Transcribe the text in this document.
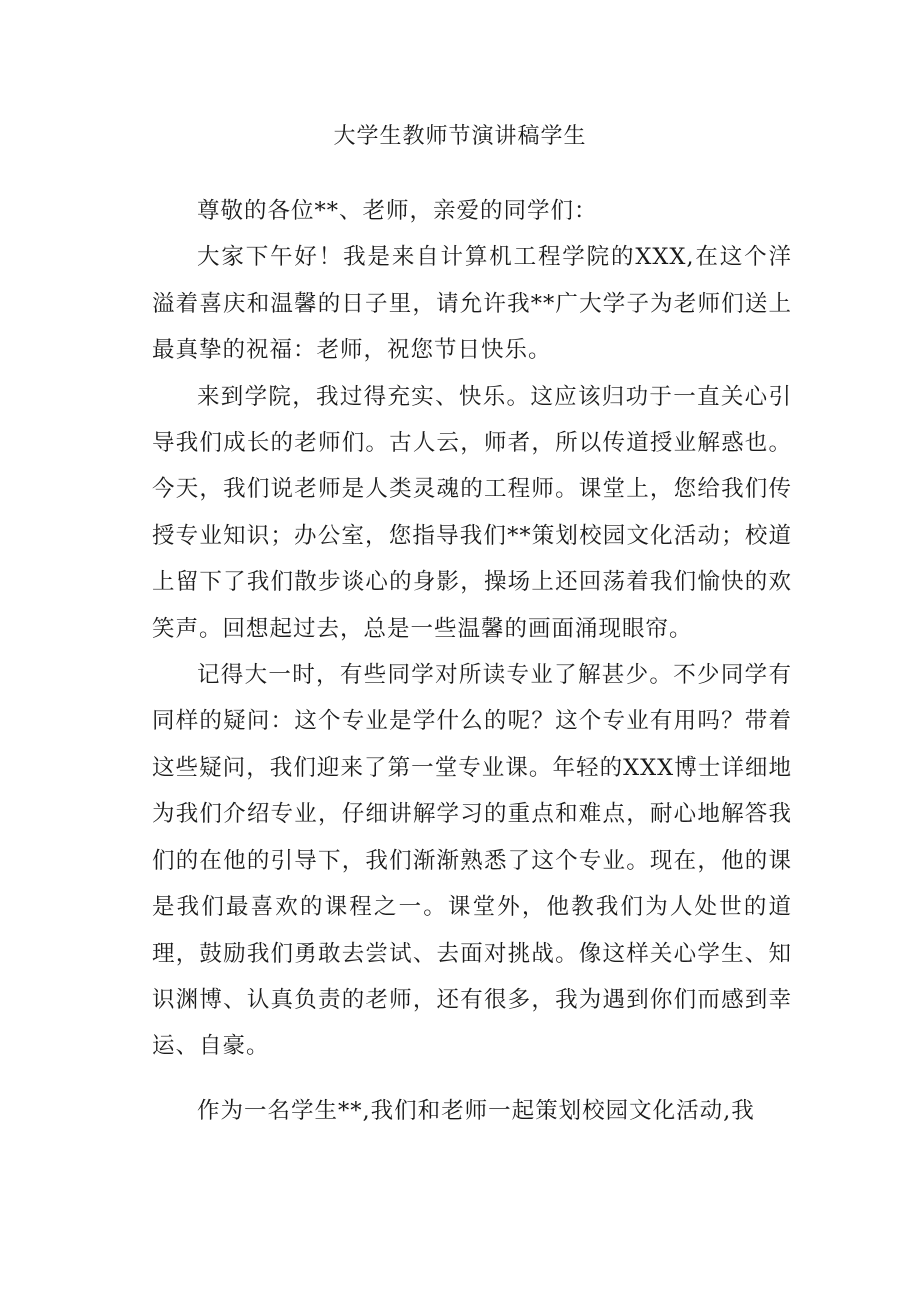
大学生教师节演讲稿学生

尊敬的各位**、老师，亲爱的同学们：

大家下午好！我是来自计算机工程学院的XXX,在这个洋溢着喜庆和温馨的日子里，请允许我**广大学子为老师们送上最真挚的祝福：老师，祝您节日快乐。

来到学院，我过得充实、快乐。这应该归功于一直关心引导我们成长的老师们。古人云，师者，所以传道授业解惑也。今天，我们说老师是人类灵魂的工程师。课堂上，您给我们传授专业知识；办公室，您指导我们**策划校园文化活动；校道上留下了我们散步谈心的身影，操场上还回荡着我们愉快的欢笑声。回想起过去，总是一些温馨的画面涌现眼帘。

记得大一时，有些同学对所读专业了解甚少。不少同学有同样的疑问：这个专业是学什么的呢？这个专业有用吗？带着这些疑问，我们迎来了第一堂专业课。年轻的XXX博士详细地为我们介绍专业，仔细讲解学习的重点和难点，耐心地解答我们的在他的引导下，我们渐渐熟悉了这个专业。现在，他的课是我们最喜欢的课程之一。课堂外，他教我们为人处世的道理，鼓励我们勇敢去尝试、去面对挑战。像这样关心学生、知识渊博、认真负责的老师，还有很多，我为遇到你们而感到幸运、自豪。

作为一名学生**,我们和老师一起策划校园文化活动,我
